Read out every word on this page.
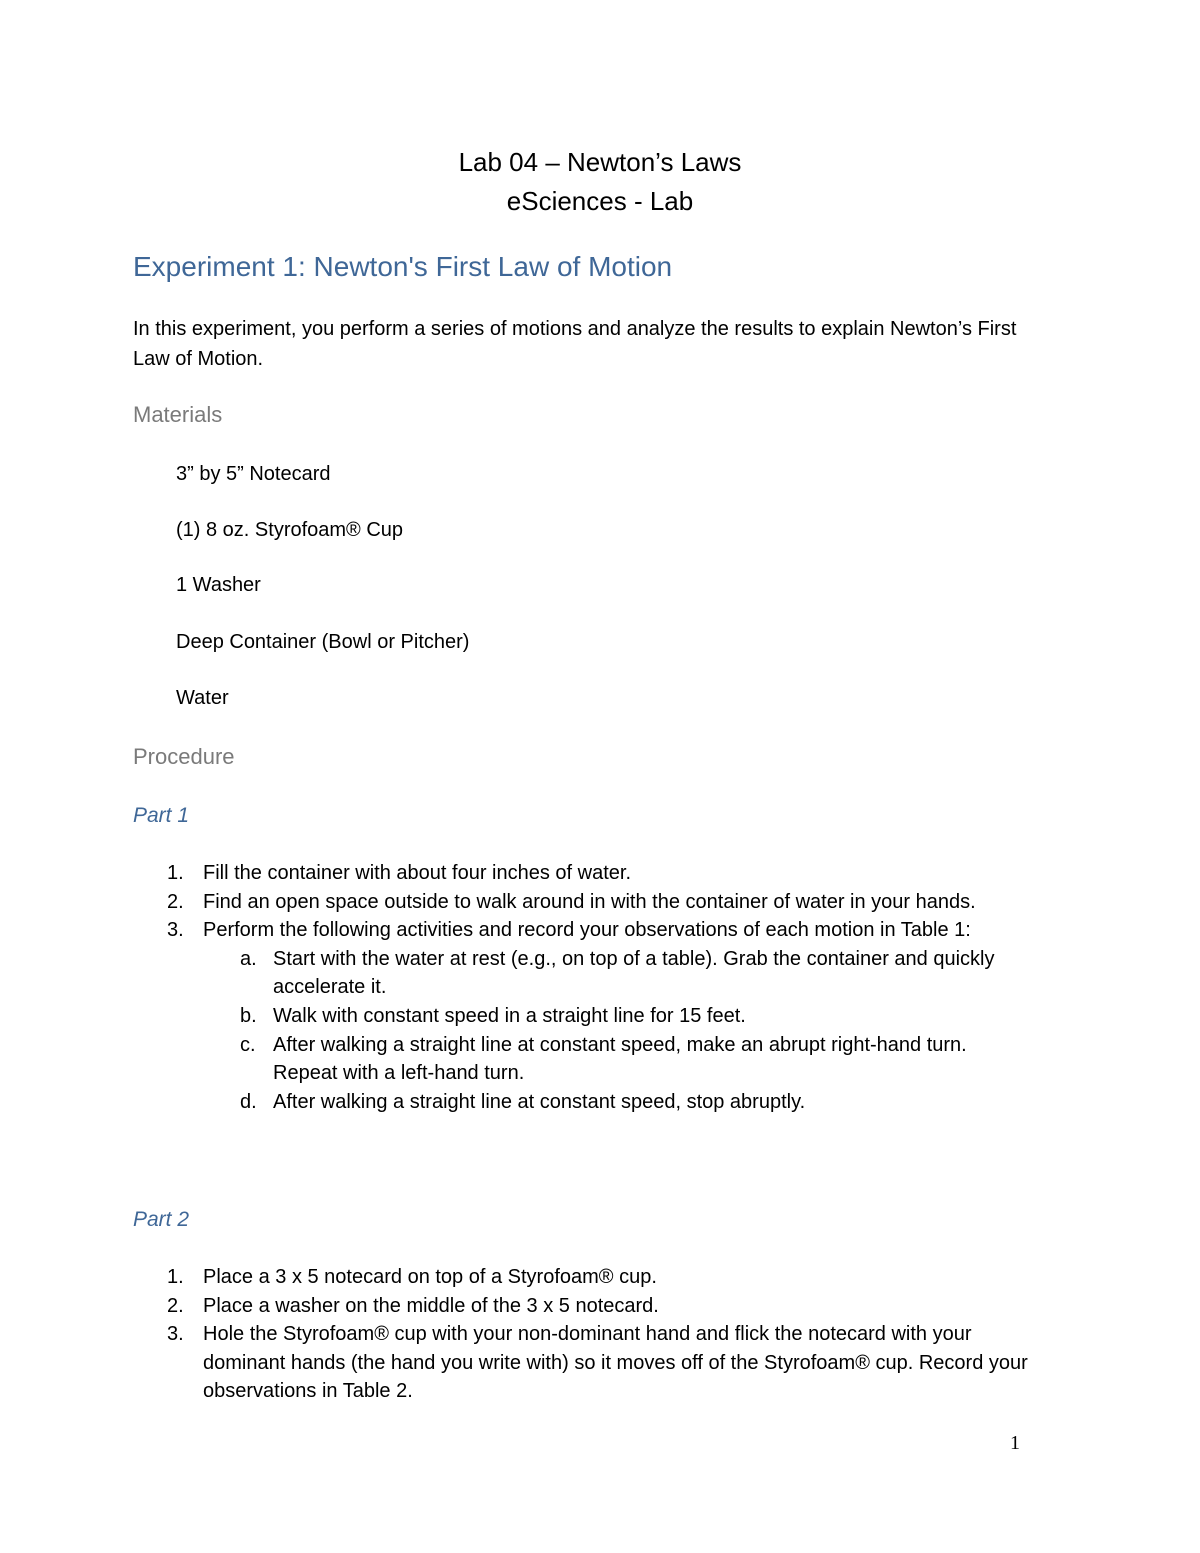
Lab 04 – Newton’s Laws
eSciences - Lab
Experiment 1: Newton's First Law of Motion
In this experiment, you perform a series of motions and analyze the results to explain Newton’s First Law of Motion.
Materials
3” by 5” Notecard
(1) 8 oz. Styrofoam® Cup
1 Washer
Deep Container (Bowl or Pitcher)
Water
Procedure
Part 1
1. Fill the container with about four inches of water.
2. Find an open space outside to walk around in with the container of water in your hands.
3. Perform the following activities and record your observations of each motion in Table 1:
a. Start with the water at rest (e.g., on top of a table). Grab the container and quickly accelerate it.
b. Walk with constant speed in a straight line for 15 feet.
c. After walking a straight line at constant speed, make an abrupt right-hand turn. Repeat with a left-hand turn.
d. After walking a straight line at constant speed, stop abruptly.
Part 2
1. Place a 3 x 5 notecard on top of a Styrofoam® cup.
2. Place a washer on the middle of the 3 x 5 notecard.
3. Hole the Styrofoam® cup with your non-dominant hand and flick the notecard with your dominant hands (the hand you write with) so it moves off of the Styrofoam® cup. Record your observations in Table 2.
1
